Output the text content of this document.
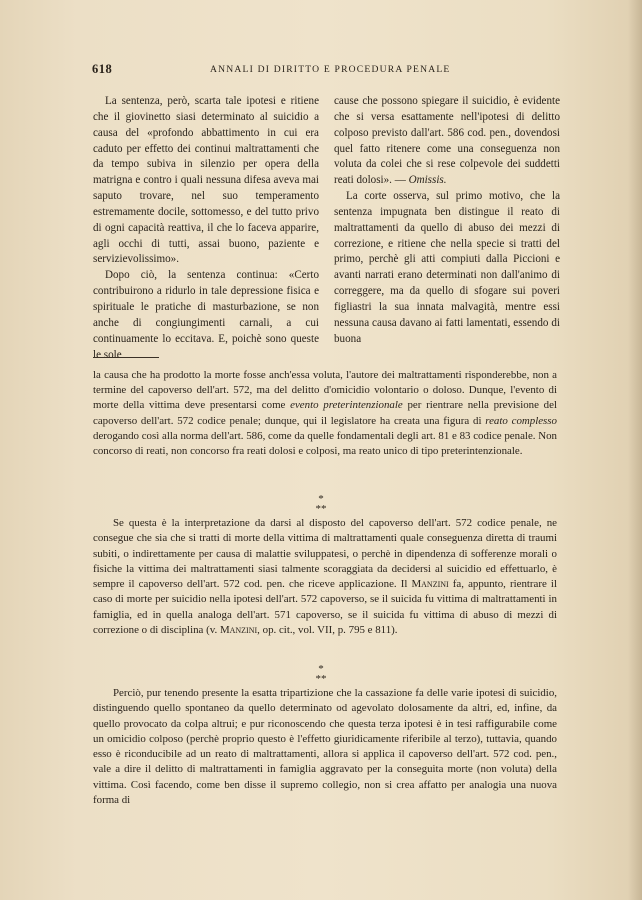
618	ANNALI DI DIRITTO E PROCEDURA PENALE

La sentenza, però, scarta tale ipotesi e ritiene che il giovinetto siasi determinato al suicidio a causa del «profondo abbattimento in cui era caduto per effetto dei continui maltrattamenti che da tempo subiva in silenzio per opera della matrigna e contro i quali nessuna difesa aveva mai saputo trovare, nel suo temperamento estremamente docile, sottomesso, e del tutto privo di ogni capacità reattiva, il che lo faceva apparire, agli occhi di tutti, assai buono, paziente e servizievolissimo».

Dopo ciò, la sentenza continua: «Certo contribuirono a ridurlo in tale depressione fisica e spirituale le pratiche di masturbazione, se non anche di congiungimenti carnali, a cui continuamente lo eccitava. E, poichè sono queste le sole

cause che possono spiegare il suicidio, è evidente che si versa esattamente nell'ipotesi di delitto colposo previsto dall'art. 586 cod. pen., dovendosi quel fatto ritenere come una conseguenza non voluta da colei che si rese colpevole dei suddetti reati dolosi». — Omissis.

La corte osserva, sul primo motivo, che la sentenza impugnata ben distingue il reato di maltrattamenti da quello di abuso dei mezzi di correzione, e ritiene che nella specie si tratti del primo, perchè gli atti compiuti dalla Piccioni e avanti narrati erano determinati non dall'animo di correggere, ma da quello di sfogare sui poveri figliastri la sua innata malvagità, mentre essi nessuna causa davano ai fatti lamentati, essendo di buona

la causa che ha prodotto la morte fosse anch'essa voluta, l'autore dei maltrattamenti risponderebbe, non a termine del capoverso dell'art. 572, ma del delitto d'omicidio volontario o doloso. Dunque, l'evento di morte della vittima deve presentarsi come evento preterintenzionale per rientrare nella previsione del capoverso dell'art. 572 codice penale; dunque, qui il legislatore ha creata una figura di reato complesso derogando così alla norma dell'art. 586, come da quelle fondamentali degli art. 81 e 83 codice penale. Non concorso di reati, non concorso fra reati dolosi e colposi, ma reato unico di tipo preterintenzionale.

*
**

Se questa è la interpretazione da darsi al disposto del capoverso dell'art. 572 codice penale, ne consegue che sia che si tratti di morte della vittima di maltrattamenti quale conseguenza diretta di traumi subiti, o indirettamente per causa di malattie sviluppatesi, o perchè in dipendenza di sofferenze morali o fisiche la vittima dei maltrattamenti siasi talmente scoraggiata da decidersi al suicidio ed effettuarlo, è sempre il capoverso dell'art. 572 cod. pen. che riceve applicazione. Il Manzini fa, appunto, rientrare il caso di morte per suicidio nella ipotesi dell'art. 572 capoverso, se il suicida fu vittima di maltrattamenti in famiglia, ed in quella analoga dell'art. 571 capoverso, se il suicida fu vittima di abuso di mezzi di correzione o di disciplina (v. Manzini, op. cit., vol. VII, p. 795 e 811).

*
**

Perciò, pur tenendo presente la esatta tripartizione che la cassazione fa delle varie ipotesi di suicidio, distinguendo quello spontaneo da quello determinato od agevolato dolosamente da altri, ed, infine, da quello provocato da colpa altrui; e pur riconoscendo che questa terza ipotesi è in tesi raffigurabile come un omicidio colposo (perchè proprio questo è l'effetto giuridicamente riferibile al terzo), tuttavia, quando esso è riconducibile ad un reato di maltrattamenti, allora si applica il capoverso dell'art. 572 cod. pen., vale a dire il delitto di maltrattamenti in famiglia aggravato per la conseguita morte (non voluta) della vittima. Così facendo, come ben disse il supremo collegio, non si crea affatto per analogia una nuova forma di
